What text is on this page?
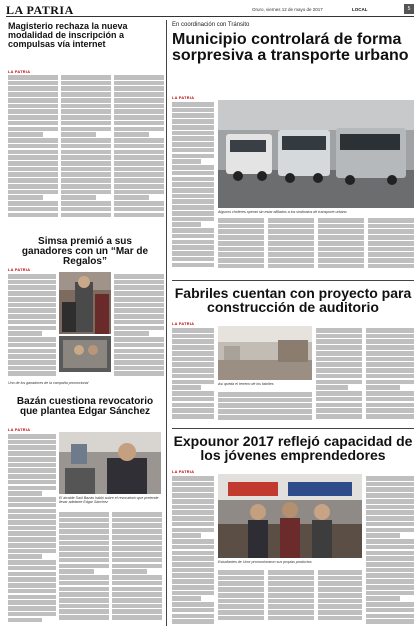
LA PATRIA	Oruro, viernes 12 de mayo de 2017	LOCAL	5
Magisterio rechaza la nueva modalidad de inscripción a compulsas vía internet
LA PATRIA
Simsa premió a sus ganadores con un “Mar de Regalos”
LA PATRIA
Uno de los ganadores de la campaña promocional
Bazán cuestiona revocatorio que plantea Edgar Sánchez
LA PATRIA
El alcalde Saúl Bazán habló sobre el revocatorio que pretende llevar adelante Edgar Sánchez
En coordinación con Tránsito
Municipio controlará de forma sorpresiva a transporte urbano
LA PATRIA
Algunos choferes operan sin estar afiliados a los sindicatos de transporte urbano
Fabriles cuentan con proyecto para construcción de auditorio
LA PATRIA
Así queda el terreno de los fabriles
Expounor 2017 reflejó capacidad de los jóvenes emprendedores
LA PATRIA
Estudiantes de Unor promocionaron sus propias productos
